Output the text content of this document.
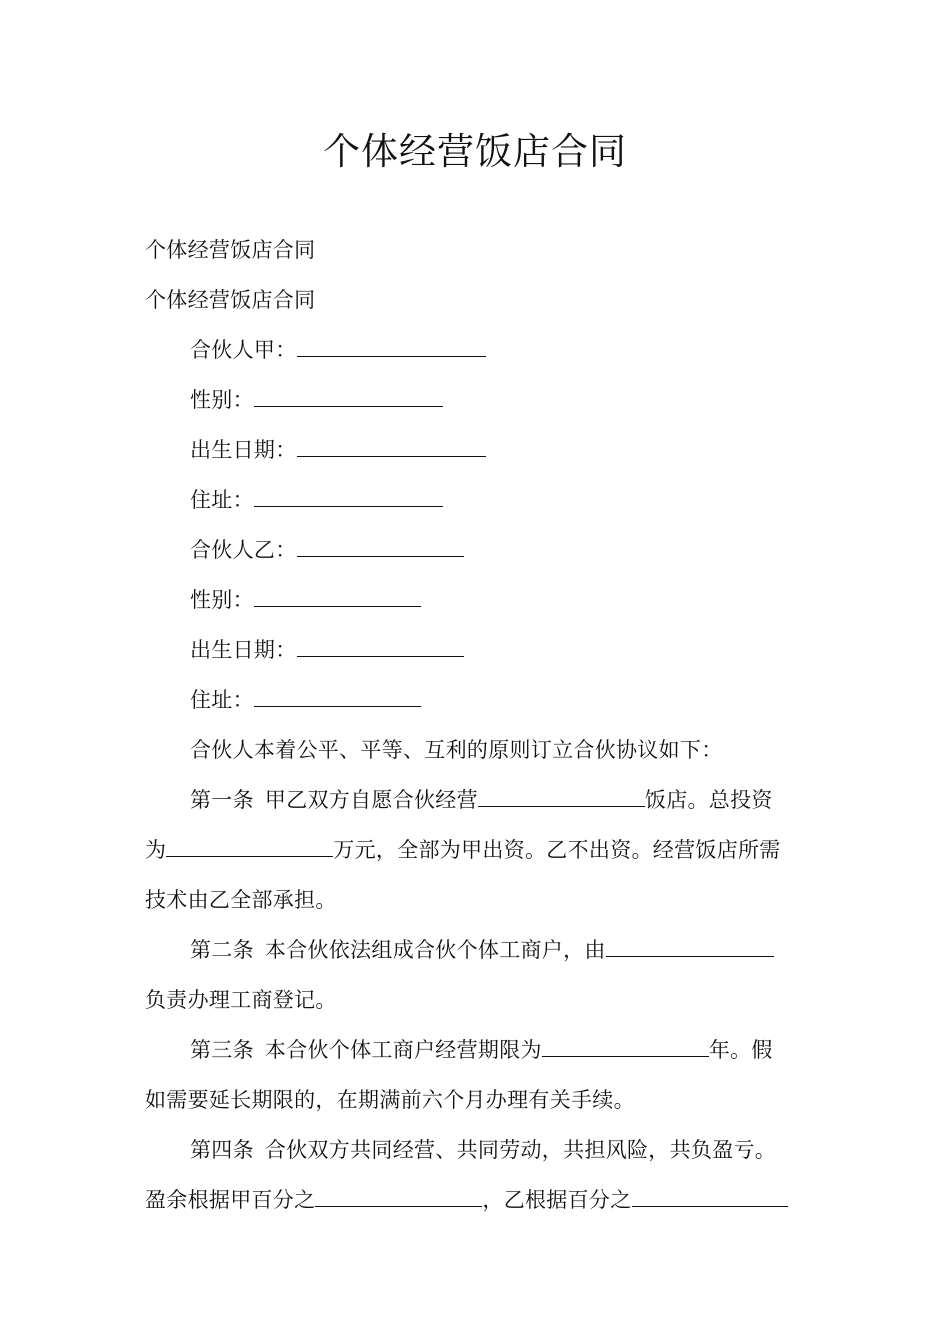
个体经营饭店合同
个体经营饭店合同
个体经营饭店合同
合伙人甲：
性别：
出生日期：
住址：
合伙人乙：
性别：
出生日期：
住址：
合伙人本着公平、平等、互利的原则订立合伙协议如下：
第一条 甲乙双方自愿合伙经营	饭店。总投资
为	万元，全部为甲出资。乙不出资。经营饭店所需
技术由乙全部承担。
第二条 本合伙依法组成合伙个体工商户，由
负责办理工商登记。
第三条 本合伙个体工商户经营期限为	年。假
如需要延长期限的，在期满前六个月办理有关手续。
第四条 合伙双方共同经营、共同劳动，共担风险，共负盈亏。
盈余根据甲百分之	，乙根据百分之
